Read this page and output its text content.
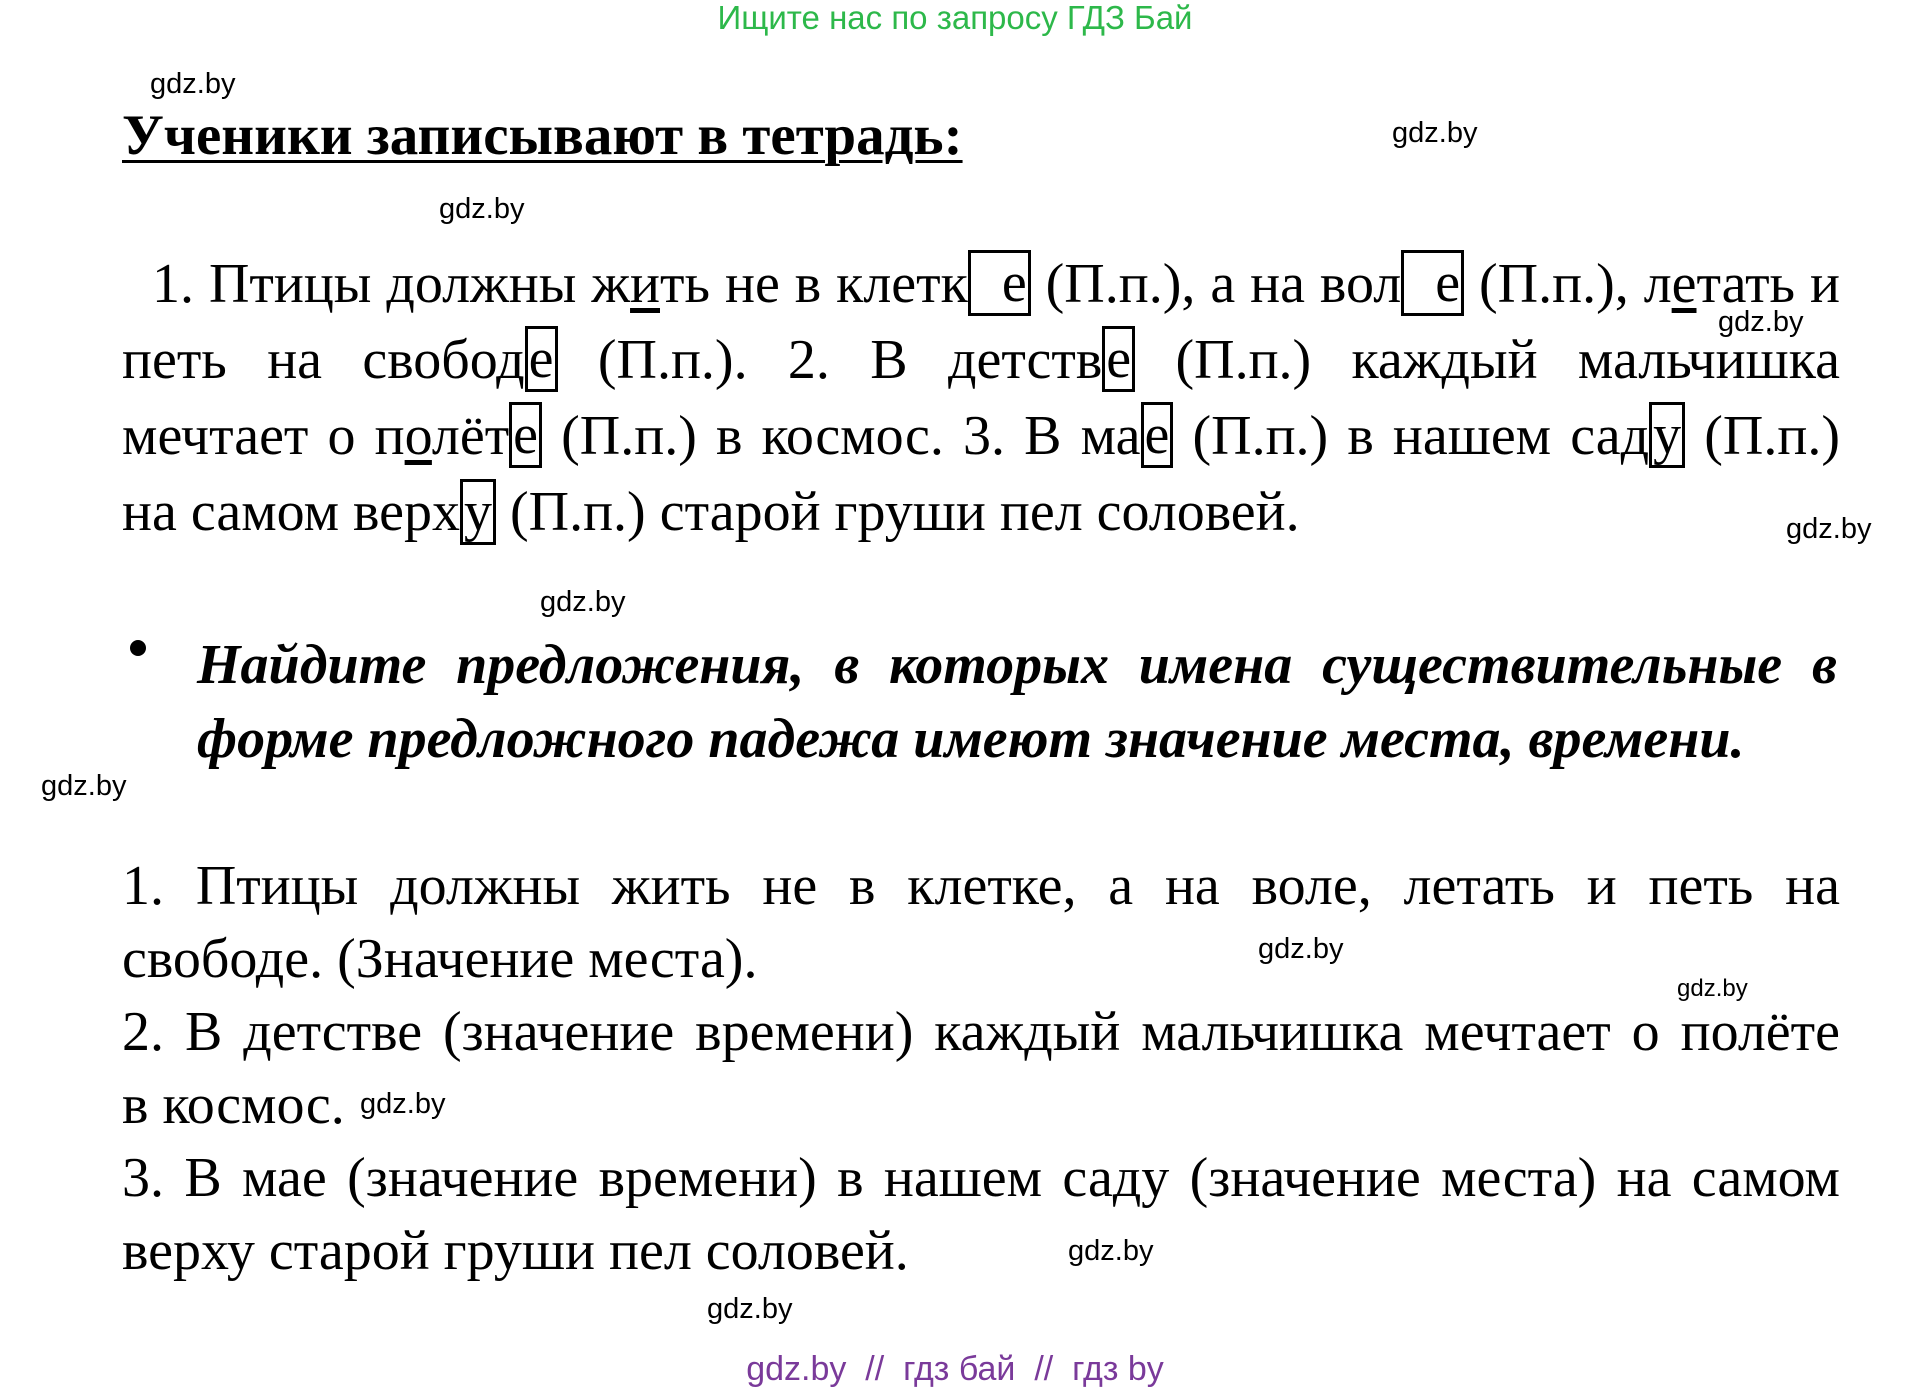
Ищите нас по запросу ГДЗ Бай
gdz.by
gdz.by
gdz.by
gdz.by
gdz.by
gdz.by
gdz.by
gdz.by
gdz.by
gdz.by
gdz.by
gdz.by
Ученики записывают в тетрадь:
1. Птицы должны жить не в клетк е (П.п.), а на вол е (П.п.), летать и
петь на свободе (П.п.). 2. В детстве (П.п.) каждый мальчишка
мечтает о полёте (П.п.) в космос. 3. В мае (П.п.) в нашем саду (П.п.)
на самом верху (П.п.) старой груши пел соловей.
Найдите предложения, в которых имена существительные в
форме предложного падежа имеют значение места, времени.
1. Птицы должны жить не в клетке, а на воле, летать и петь на
свободе. (Значение места).
2. В детстве (значение времени) каждый мальчишка мечтает о полёте
в космос.
3. В мае (значение времени) в нашем саду (значение места) на самом
верху старой груши пел соловей.
gdz.by  //  гдз бай  //  гдз by
